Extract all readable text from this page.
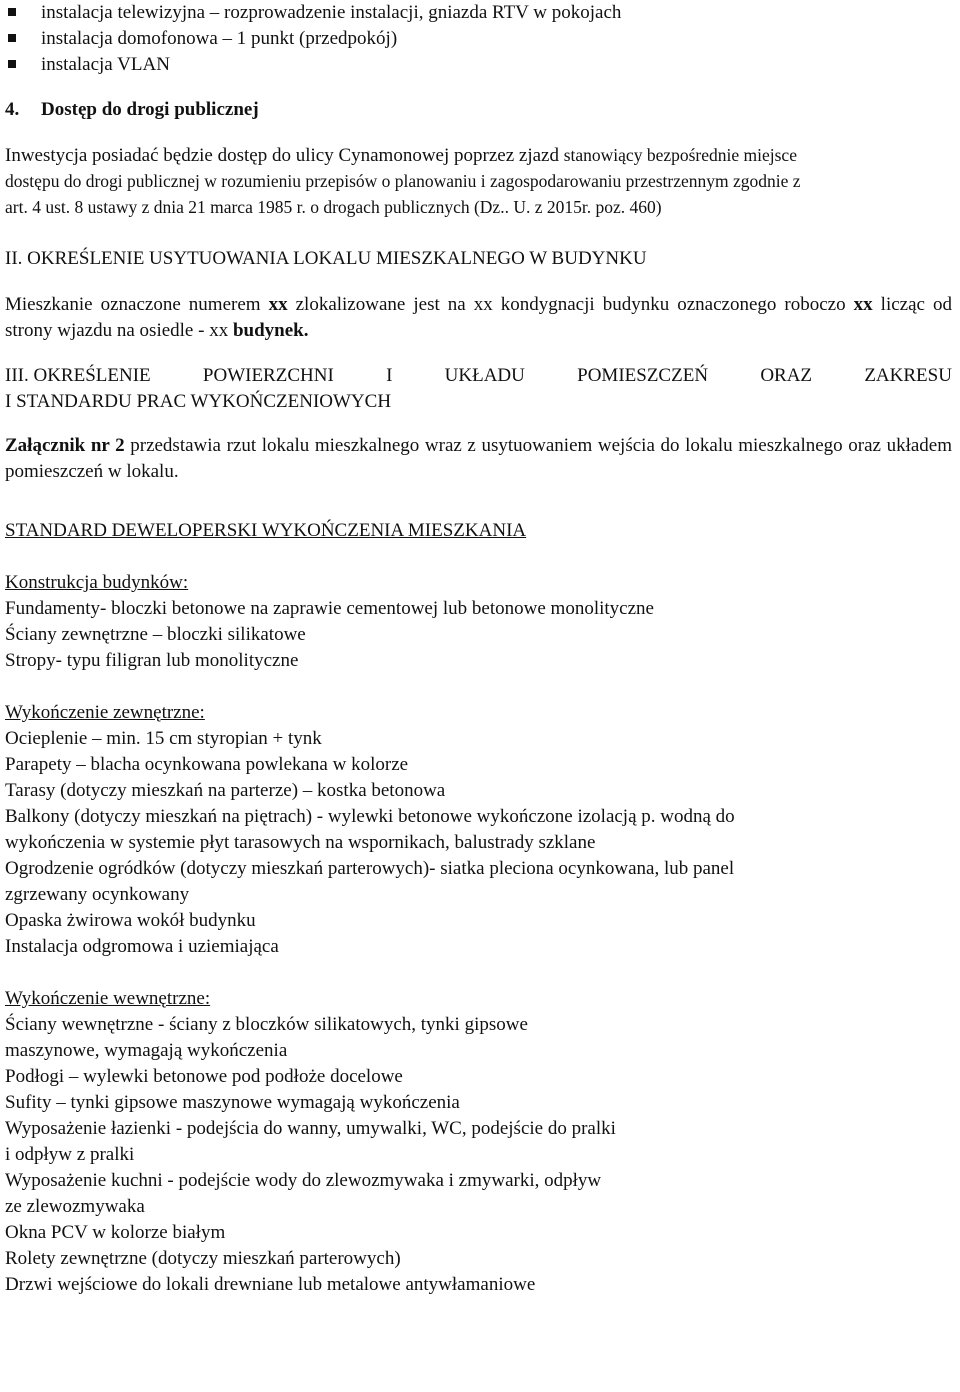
instalacja telewizyjna – rozprowadzenie instalacji, gniazda RTV w pokojach
instalacja domofonowa – 1 punkt (przedpokój)
instalacja VLAN
4. Dostęp do drogi publicznej
Inwestycja posiadać będzie dostęp do ulicy Cynamonowej poprzez zjazd stanowiący bezpośrednie miejsce
dostępu do drogi publicznej w rozumieniu przepisów o planowaniu i zagospodarowaniu przestrzennym zgodnie z
art. 4 ust. 8 ustawy z dnia 21 marca 1985 r. o drogach publicznych (Dz.. U. z 2015r. poz. 460)
II. OKREŚLENIE USYTUOWANIA LOKALU MIESZKALNEGO W BUDYNKU

Mieszkanie oznaczone numerem xx zlokalizowane jest na xx kondygnacji budynku oznaczonego roboczo xx licząc od strony wjazdu na osiedle - xx budynek.

III. OKREŚLENIE	POWIERZCHNI	I	UKŁADU	POMIESZCZEŃ	ORAZ	ZAKRESU
I STANDARDU PRAC WYKOŃCZENIOWYCH

Załącznik nr 2 przedstawia rzut lokalu mieszkalnego wraz z usytuowaniem wejścia do lokalu mieszkalnego oraz układem pomieszczeń w lokalu.

STANDARD DEWELOPERSKI WYKOŃCZENIA MIESZKANIA
Konstrukcja budynków:
Fundamenty- bloczki betonowe na zaprawie cementowej lub betonowe monolityczne
Ściany zewnętrzne – bloczki silikatowe
Stropy- typu filigran lub monolityczne
Wykończenie zewnętrzne:
Ocieplenie – min. 15 cm styropian + tynk
Parapety – blacha ocynkowana powlekana w kolorze
Tarasy (dotyczy mieszkań na parterze) – kostka betonowa
Balkony (dotyczy mieszkań na piętrach) - wylewki betonowe wykończone izolacją p. wodną do
wykończenia w systemie płyt tarasowych na wspornikach, balustrady szklane
Ogrodzenie ogródków (dotyczy mieszkań parterowych)- siatka pleciona ocynkowana, lub panel
zgrzewany ocynkowany
Opaska żwirowa wokół budynku
Instalacja odgromowa i uziemiająca
Wykończenie wewnętrzne:
Ściany wewnętrzne - ściany z bloczków silikatowych, tynki gipsowe
maszynowe, wymagają wykończenia
Podłogi – wylewki betonowe pod podłoże docelowe
Sufity – tynki gipsowe maszynowe wymagają wykończenia
Wyposażenie łazienki - podejścia do wanny, umywalki, WC, podejście do pralki
i odpływ z pralki
Wyposażenie kuchni - podejście wody do zlewozmywaka i zmywarki, odpływ
ze zlewozmywaka
Okna PCV w kolorze białym
Rolety zewnętrzne (dotyczy mieszkań parterowych)
Drzwi wejściowe do lokali drewniane lub metalowe antywłamaniowe
